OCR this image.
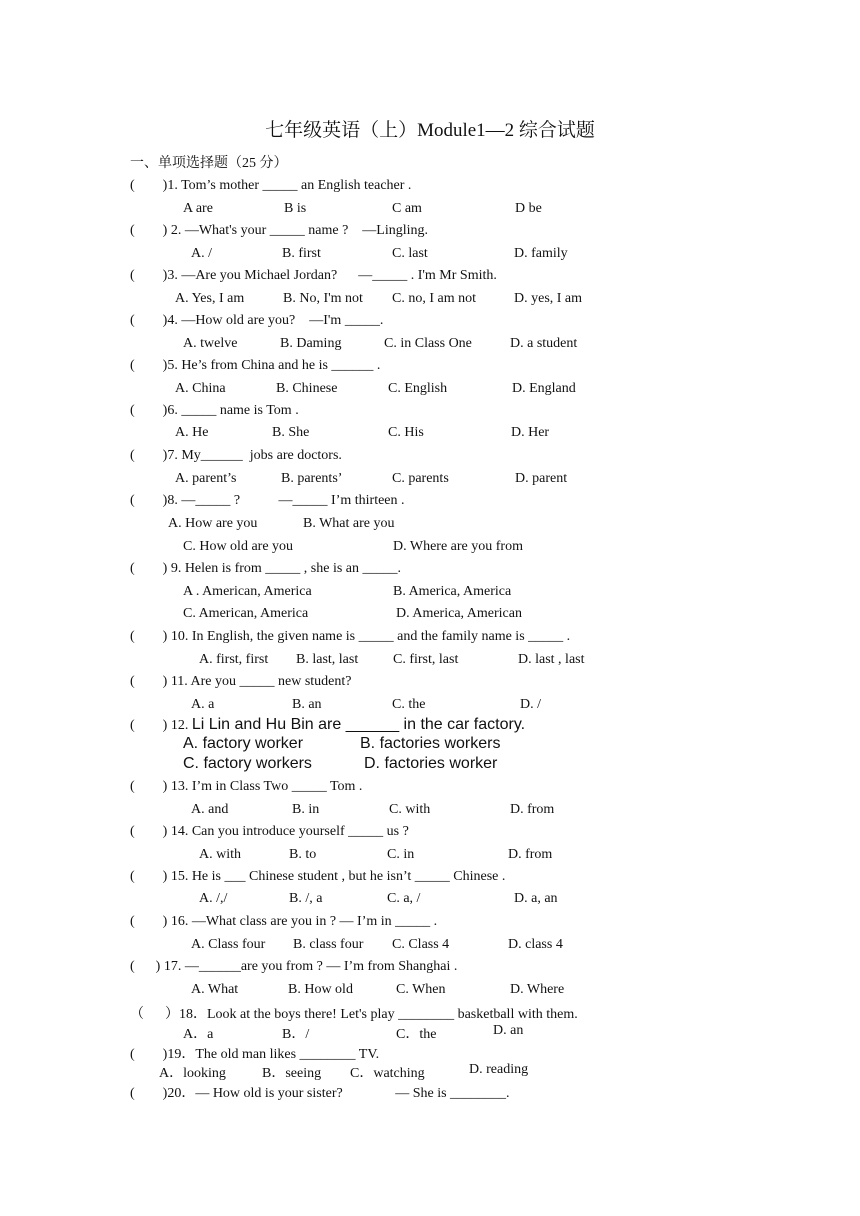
七年级英语（上）Module1—2 综合试题
一、单项选择题（25 分）
(        )1. Tom’s mother _____ an English teacher .
A are	B is	C am	D be
(        ) 2. —What's your _____ name ?    —Lingling.
A. /	B. first	C. last	D. family
(        )3. —Are you Michael Jordan?      —_____ . I'm Mr Smith.
A. Yes, I am	B. No, I'm not C. no, I am not	D. yes, I am
(        )4. —How old are you?    —I'm _____.
A. twelve	B. Daming	C. in Class One	D. a student
(        )5. He’s from China and he is ______ .
A. China	B. Chinese	C. English	D. England
(        )6. _____ name is Tom .
A. He	B. She	C. His	D. Her
(        )7. My______  jobs are doctors.
A. parent’s	B. parents’	C. parents	D. parent
(        )8. —_____ ?           —_____ I’m thirteen .
A. How are you	B. What are you
C. How old are you	D. Where are you from
(        ) 9. Helen is from _____ , she is an _____.
A . American, America	B. America, America
C. American, America	D. America, American
(        ) 10. In English, the given name is _____ and the family name is _____ .
A. first, first B. last, last C. first, last	D. last , last
(        ) 11. Are you _____ new student?
A. a	B. an	C. the	D. /
(        ) 12. Li Lin and Hu Bin are ______ in the car factory.
A. factory worker	B. factories workers
C. factory workers	D. factories worker
(        ) 13. I’m in Class Two _____ Tom .
A. and	B. in	C. with	D. from
(        ) 14. Can you introduce yourself _____ us ?
A. with	B. to	C. in	D. from
(        ) 15. He is ___ Chinese student , but he isn’t _____ Chinese .
A. /,/	B. /, a	C. a, /	D. a, an
(        ) 16. —What class are you in ? — I’m in _____ .
A. Class four B. class four C. Class 4	D. class 4
(      ) 17. —______are you from ? — I’m from Shanghai .
A. What	B. How old	C. When	D. Where
（      ）18．Look at the boys there! Let's play ________ basketball with them.
A．a	B．/	C．the	D. an
(        )19．The old man likes ________ TV.
A．looking	B．seeing C．watching	D. reading
(        )20．— How old is your sister?               — She is ________.
